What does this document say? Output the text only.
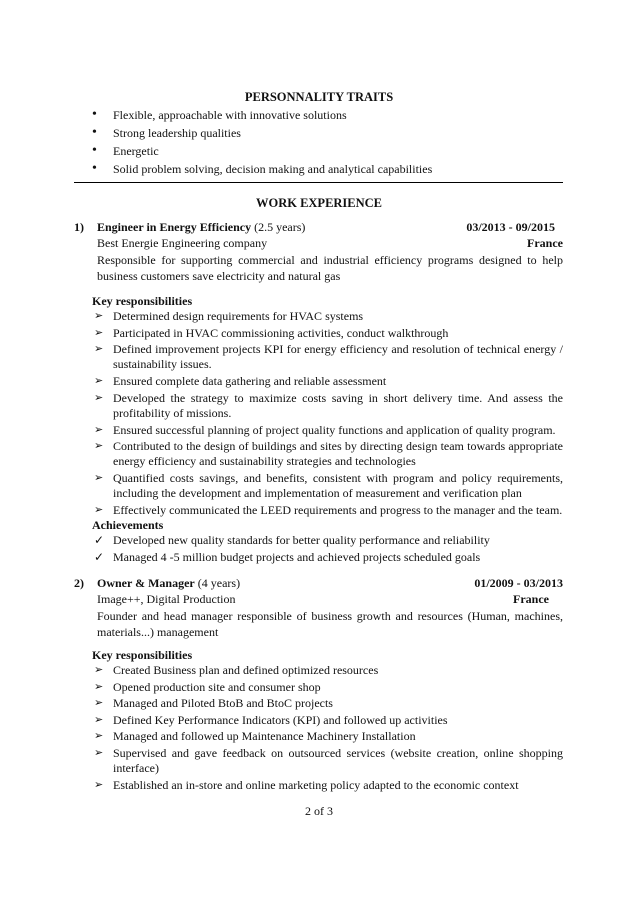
PERSONNALITY TRAITS
• Flexible, approachable with innovative solutions
• Strong leadership qualities
• Energetic
• Solid problem solving, decision making and analytical capabilities
WORK EXPERIENCE
1) Engineer in Energy Efficiency (2.5 years)	03/2013 - 09/2015
Best Energie Engineering company	France
Responsible for supporting commercial and industrial efficiency programs designed to help business customers save electricity and natural gas
Key responsibilities
➢ Determined design requirements for HVAC systems
➢ Participated in HVAC commissioning activities, conduct walkthrough
➢ Defined improvement projects KPI for energy efficiency and resolution of technical energy / sustainability issues.
➢ Ensured complete data gathering and reliable assessment
➢ Developed the strategy to maximize costs saving in short delivery time. And assess the profitability of missions.
➢ Ensured successful planning of project quality functions and application of quality program.
➢ Contributed to the design of buildings and sites by directing design team towards appropriate energy efficiency and sustainability strategies and technologies
➢ Quantified costs savings, and benefits, consistent with program and policy requirements, including the development and implementation of measurement and verification plan
➢ Effectively communicated the LEED requirements and progress to the manager and the team.
Achievements
✓ Developed new quality standards for better quality performance and reliability
✓ Managed 4 -5 million budget projects and achieved projects scheduled goals
2) Owner & Manager (4 years)	01/2009 - 03/2013
Image++, Digital Production	France
Founder and head manager responsible of business growth and resources (Human, machines, materials...) management
Key responsibilities
➢ Created Business plan and defined optimized resources
➢ Opened production site and consumer shop
➢ Managed and Piloted BtoB and BtoC projects
➢ Defined Key Performance Indicators (KPI) and followed up activities
➢ Managed and followed up Maintenance Machinery Installation
➢ Supervised and gave feedback on outsourced services (website creation, online shopping interface)
➢ Established an in-store and online marketing policy adapted to the economic context
2 of 3
